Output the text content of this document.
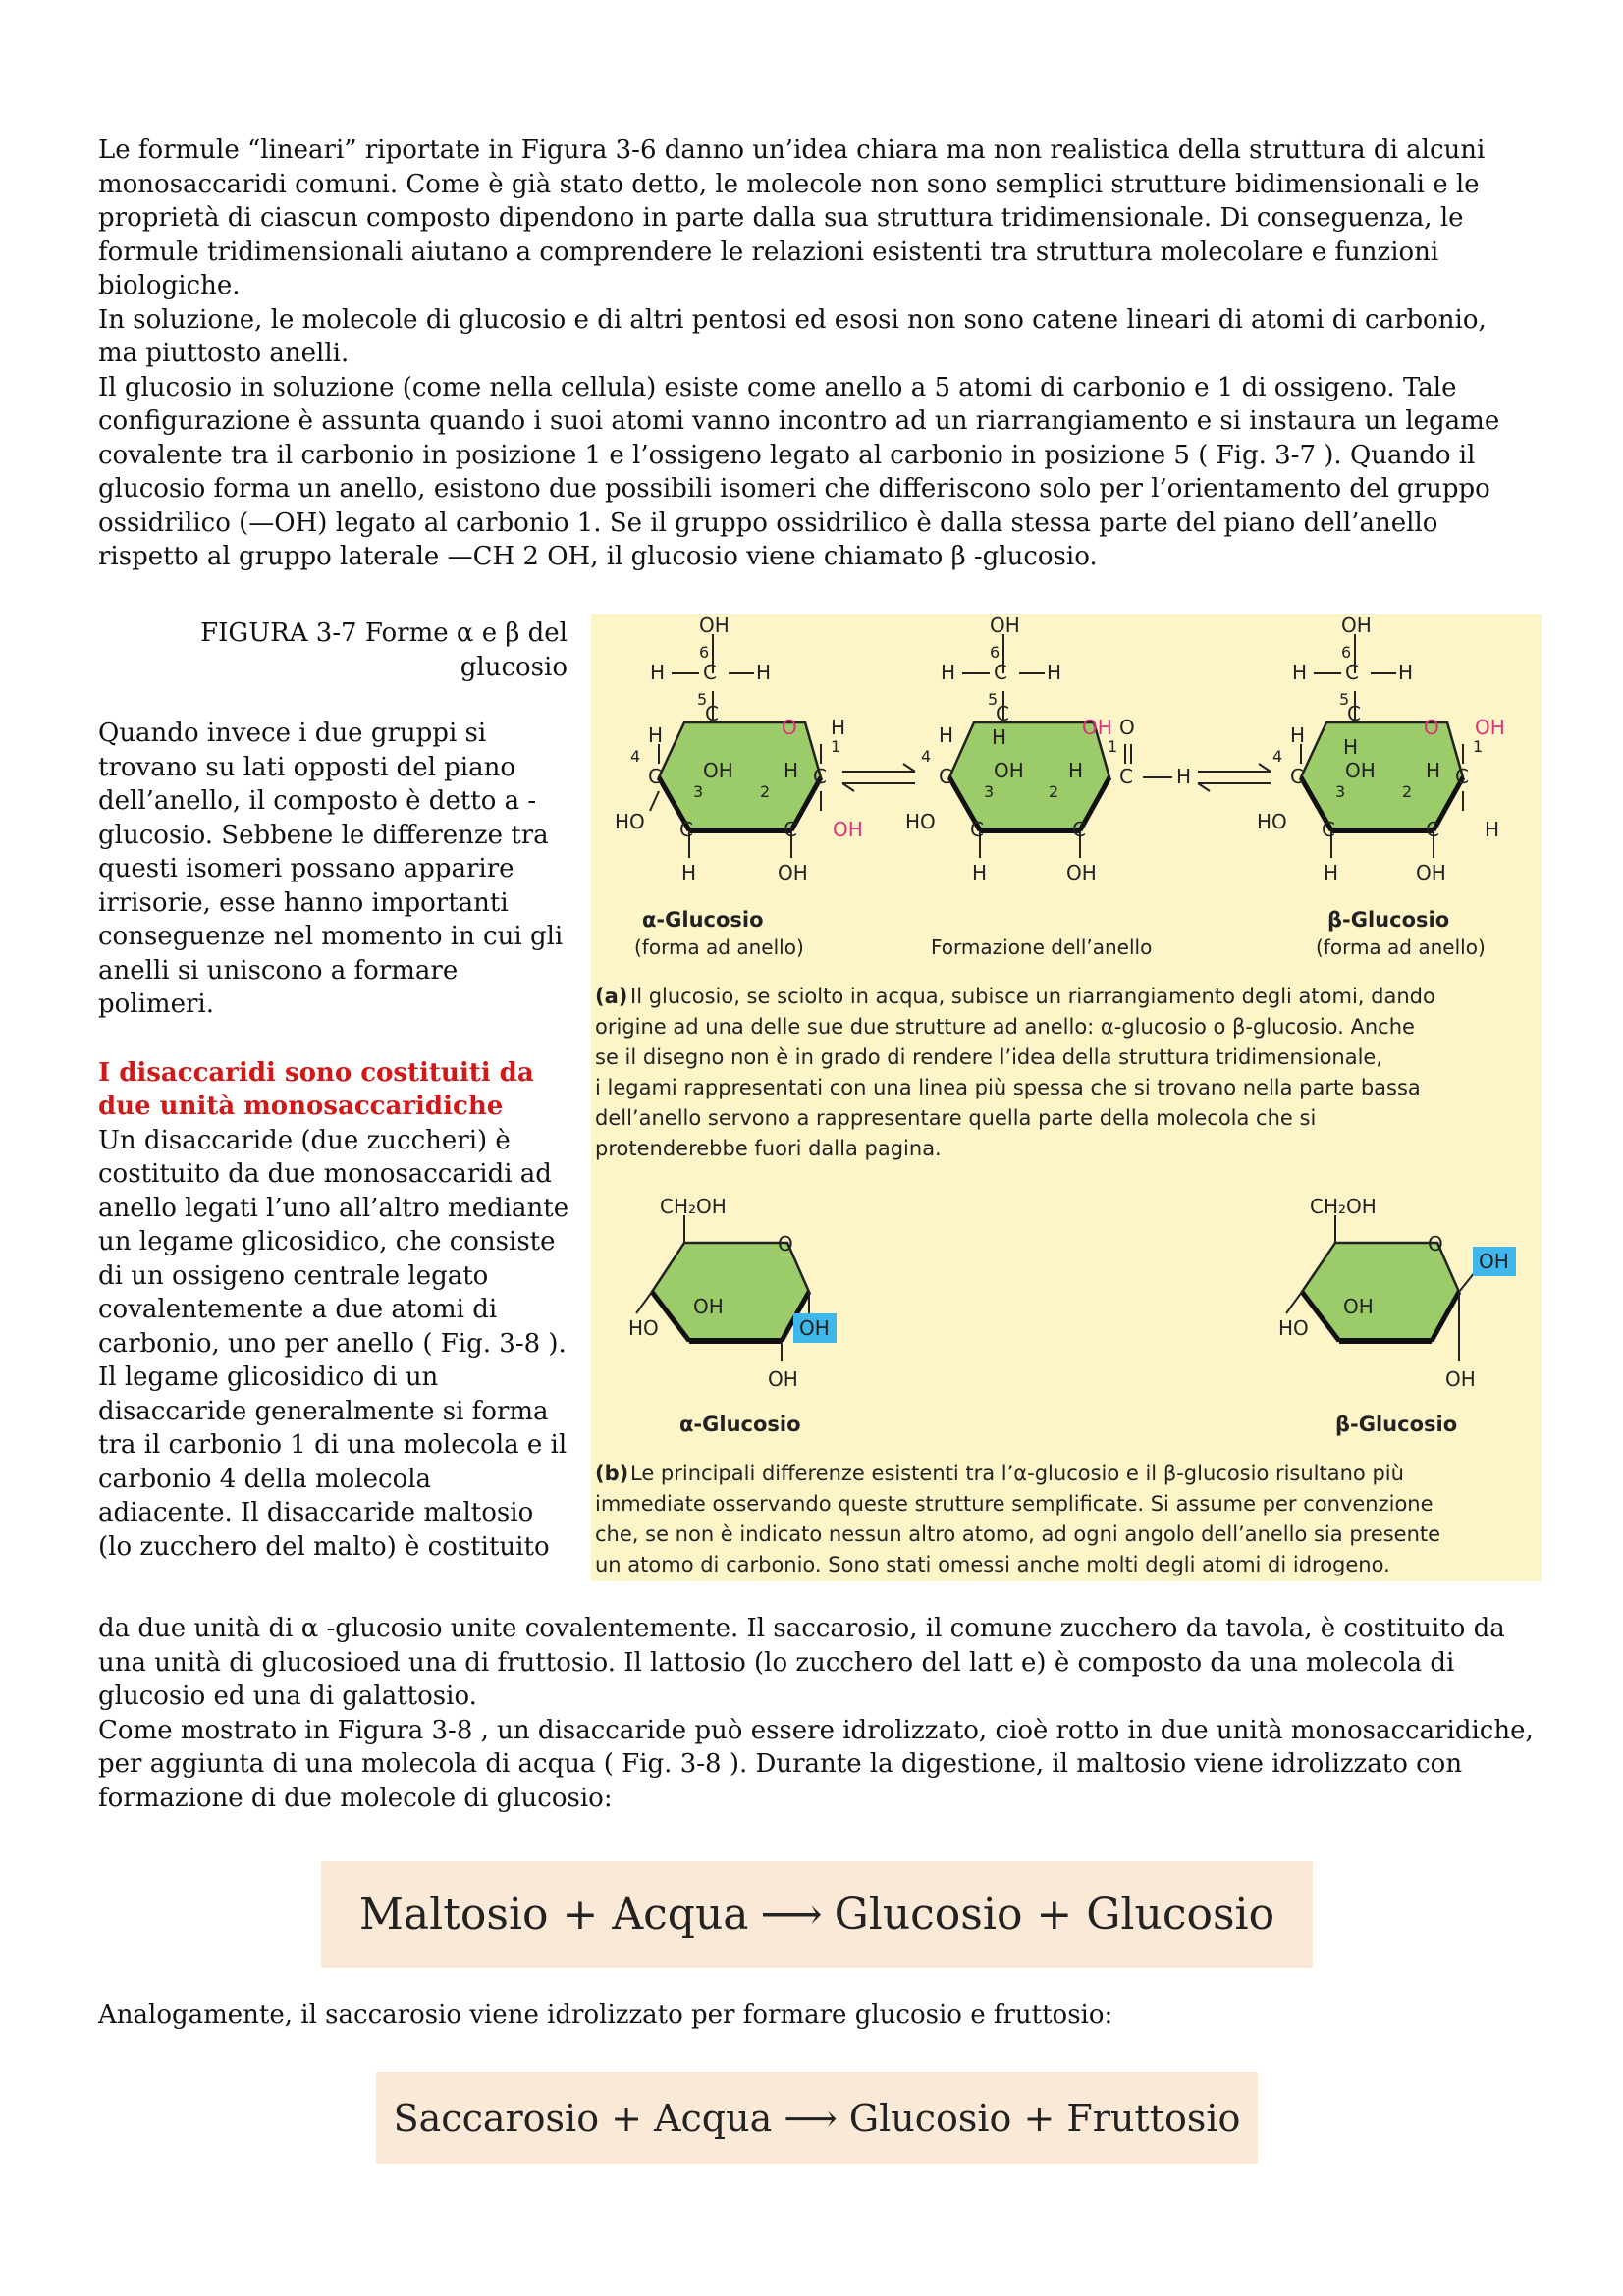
Le formule “lineari” riportate in Figura 3-6 danno un’idea chiara ma non realistica della struttura di alcuni monosaccaridi comuni. Come è già stato detto, le molecole non sono semplici strutture bidimensionali e le proprietà di ciascun composto dipendono in parte dalla sua struttura tridimensionale. Di conseguenza, le formule tridimensionali aiutano a comprendere le relazioni esistenti tra struttura molecolare e funzioni biologiche.

In soluzione, le molecole di glucosio e di altri pentosi ed esosi non sono catene lineari di atomi di carbonio, ma piuttosto anelli.

Il glucosio in soluzione (come nella cellula) esiste come anello a 5 atomi di carbonio e 1 di ossigeno. Tale configurazione è assunta quando i suoi atomi vanno incontro ad un riarrangiamento e si instaura un legame covalente tra il carbonio in posizione 1 e l’ossigeno legato al carbonio in posizione 5 ( Fig. 3-7 ). Quando il glucosio forma un anello, esistono due possibili isomeri che differiscono solo per l’orientamento del gruppo ossidrilico (—OH) legato al carbonio 1. Se il gruppo ossidrilico è dalla stessa parte del piano dell’anello rispetto al gruppo laterale —CH 2 OH, il glucosio viene chiamato β -glucosio.

FIGURA 3-7 Forme α e β del glucosio

Quando invece i due gruppi si trovano su lati opposti del piano dell’anello, il composto è detto a - glucosio. Sebbene le differenze tra questi isomeri possano apparire irrisorie, esse hanno importanti conseguenze nel momento in cui gli anelli si uniscono a formare polimeri.

I disaccaridi sono costituiti da due unità monosaccaridiche

Un disaccaride (due zuccheri) è costituito da due monosaccaridi ad anello legati l’uno all’altro mediante un legame glicosidico, che consiste di un ossigeno centrale legato covalentemente a due atomi di carbonio, uno per anello ( Fig. 3-8 ).

Il legame glicosidico di un disaccaride generalmente si forma tra il carbonio 1 di una molecola e il carbonio 4 della molecola adiacente. Il disaccaride maltosio (lo zucchero del malto) è costituito

OH
6
H C H
5
C
O
H
4
C OH
3
HO C
H
2
C
H
1
C
OH
H	OH
OH
6
H C H
5
C
H	OH O
H
4
C OH
3
HO C
H
2
C
1
C H
H	OH
OH
6
H C H
5
C
O OH
H
4
C
H
OH
3
HO C
H
2
C
1
C
H
H	OH
α-Glucosio
(forma ad anello)	Formazione dell’anello
β-Glucosio
(forma ad anello)
(a) Il glucosio, se sciolto in acqua, subisce un riarrangiamento degli atomi, dando
origine ad una delle sue due strutture ad anello: α-glucosio o β-glucosio. Anche
se il disegno non è in grado di rendere l’idea della struttura tridimensionale,
i legami rappresentati con una linea più spessa che si trovano nella parte bassa
dell’anello servono a rappresentare quella parte della molecola che si
protenderebbe fuori dalla pagina.
CH₂OH
O
OH
HO	OH
OH
α-Glucosio
CH₂OH
O
OH
HO
OH
OH
β-Glucosio
(b) Le principali differenze esistenti tra l’α-glucosio e il β-glucosio risultano più
immediate osservando queste strutture semplificate. Si assume per convenzione
che, se non è indicato nessun altro atomo, ad ogni angolo dell’anello sia presente
un atomo di carbonio. Sono stati omessi anche molti degli atomi di idrogeno.

da due unità di α -glucosio unite covalentemente. Il saccarosio, il comune zucchero da tavola, è costituito da una unità di glucosioed una di fruttosio. Il lattosio (lo zucchero del latt e) è composto da una molecola di glucosio ed una di galattosio.

Come mostrato in Figura 3-8 , un disaccaride può essere idrolizzato, cioè rotto in due unità monosaccaridiche, per aggiunta di una molecola di acqua ( Fig. 3-8 ). Durante la digestione, il maltosio viene idrolizzato con formazione di due molecole di glucosio:

Maltosio + Acqua ⟶ Glucosio + Glucosio

Analogamente, il saccarosio viene idrolizzato per formare glucosio e fruttosio:

Saccarosio + Acqua ⟶ Glucosio + Fruttosio
